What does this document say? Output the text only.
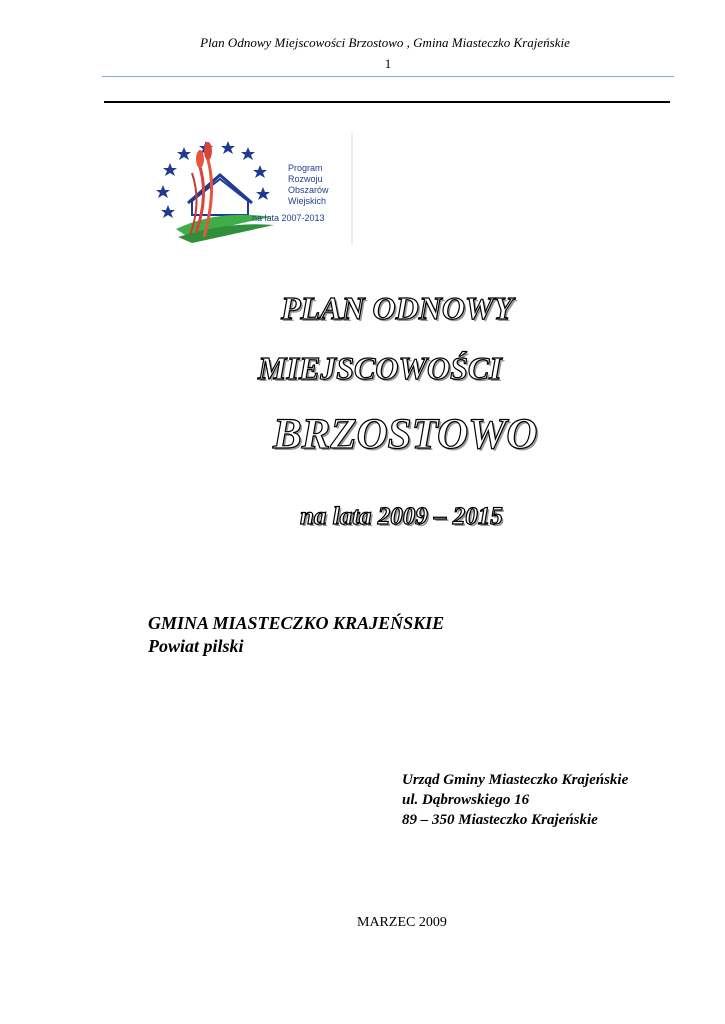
Plan Odnowy Miejscowości Brzostowo , Gmina Miasteczko Krajeńskie
1
Program
Rozwoju
Obszarów
Wiejskich
na lata 2007-2013
PLAN ODNOWY
MIEJSCOWOŚCI
BRZOSTOWO
na lata 2009 – 2015
GMINA MIASTECZKO KRAJEŃSKIE
Powiat pilski
Urząd Gminy Miasteczko Krajeńskie
ul. Dąbrowskiego 16
89 – 350 Miasteczko Krajeńskie
MARZEC 2009
